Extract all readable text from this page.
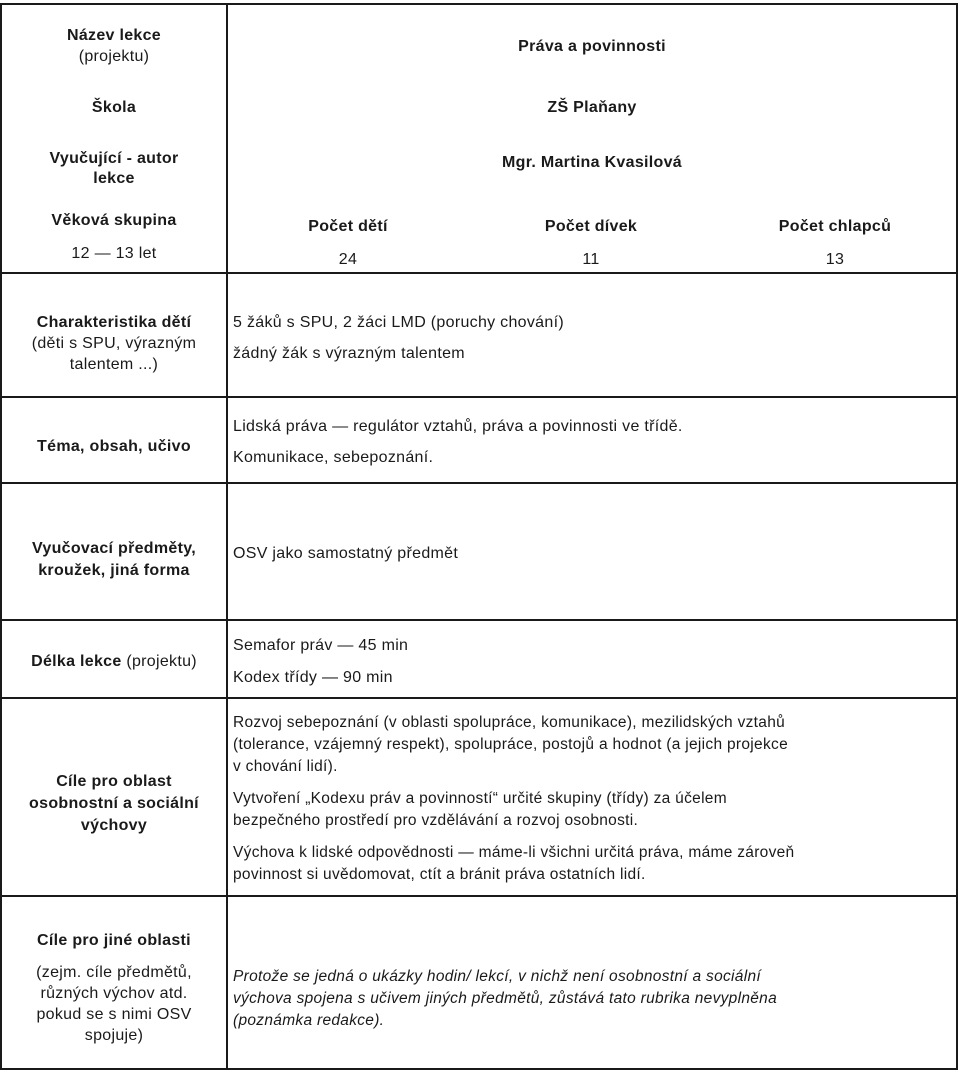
Název lekce
(projektu)
Práva a povinnosti
Škola	ZŠ Plaňany
Vyučující - autor
lekce
Mgr. Martina Kvasilová
Věková skupina
12 — 13 let
Počet dětí
24
Počet dívek
11
Počet chlapců
13
Charakteristika dětí
(děti s SPU, výrazným
talentem ...)
5 žáků s SPU, 2 žáci LMD (poruchy chování)
žádný žák s výrazným talentem
Téma, obsah, učivo
Lidská práva — regulátor vztahů, práva a povinnosti ve třídě.
Komunikace, sebepoznání.
Vyučovací předměty,
kroužek, jiná forma
OSV jako samostatný předmět
Délka lekce (projektu)
Semafor práv — 45 min
Kodex třídy — 90 min
Cíle pro oblast
osobnostní a sociální
výchovy
Rozvoj sebepoznání (v oblasti spolupráce, komunikace), mezilidských vztahů
(tolerance, vzájemný respekt), spolupráce, postojů a hodnot (a jejich projekce
v chování lidí).
Vytvoření „Kodexu práv a povinností“ určité skupiny (třídy) za účelem
bezpečného prostředí pro vzdělávání a rozvoj osobnosti.
Výchova k lidské odpovědnosti — máme-li všichni určitá práva, máme zároveň
povinnost si uvědomovat, ctít a bránit práva ostatních lidí.
Cíle pro jiné oblasti
(zejm. cíle předmětů,
různých výchov atd.
pokud se s nimi OSV
spojuje)
Protože se jedná o ukázky hodin/ lekcí, v nichž není osobnostní a sociální
výchova spojena s učivem jiných předmětů, zůstává tato rubrika nevyplněna
(poznámka redakce).
